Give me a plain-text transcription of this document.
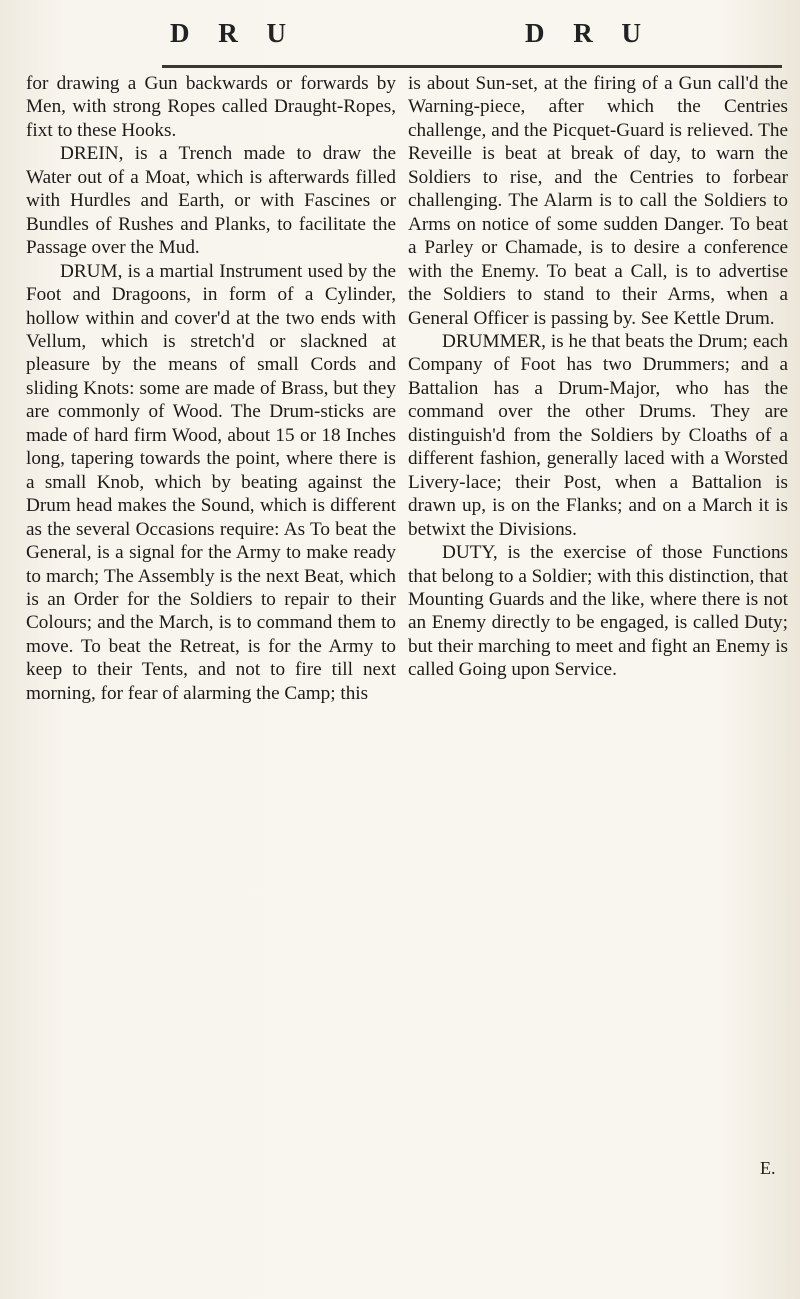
D R U	D R U

for drawing a Gun backwards or forwards by Men, with strong Ropes called Draught-Ropes, fixt to these Hooks.

DREIN, is a Trench made to draw the Water out of a Moat, which is afterwards filled with Hurdles and Earth, or with Fascines or Bundles of Rushes and Planks, to facilitate the Passage over the Mud.

DRUM, is a martial Instrument used by the Foot and Dragoons, in form of a Cylinder, hollow within and cover'd at the two ends with Vellum, which is stretch'd or slackned at pleasure by the means of small Cords and sliding Knots: some are made of Brass, but they are commonly of Wood. The Drum-sticks are made of hard firm Wood, about 15 or 18 Inches long, tapering towards the point, where there is a small Knob, which by beating against the Drum head makes the Sound, which is different as the several Occasions require: As To beat the General, is a signal for the Army to make ready to march; The Assembly is the next Beat, which is an Order for the Soldiers to repair to their Colours; and the March, is to command them to move. To beat the Retreat, is for the Army to keep to their Tents, and not to fire till next morning, for fear of alarming the Camp; this

is about Sun-set, at the firing of a Gun call'd the Warning-piece, after which the Centries challenge, and the Picquet-Guard is relieved. The Reveille is beat at break of day, to warn the Soldiers to rise, and the Centries to forbear challenging. The Alarm is to call the Soldiers to Arms on notice of some sudden Danger. To beat a Parley or Chamade, is to desire a conference with the Enemy. To beat a Call, is to advertise the Soldiers to stand to their Arms, when a General Officer is passing by. See Kettle Drum.

DRUMMER, is he that beats the Drum; each Company of Foot has two Drummers; and a Battalion has a Drum-Major, who has the command over the other Drums. They are distinguish'd from the Soldiers by Cloaths of a different fashion, generally laced with a Worsted Livery-lace; their Post, when a Battalion is drawn up, is on the Flanks; and on a March it is betwixt the Divisions.

DUTY, is the exercise of those Functions that belong to a Soldier; with this distinction, that Mounting Guards and the like, where there is not an Enemy directly to be engaged, is called Duty; but their marching to meet and fight an Enemy is called Going upon Service.

E.
